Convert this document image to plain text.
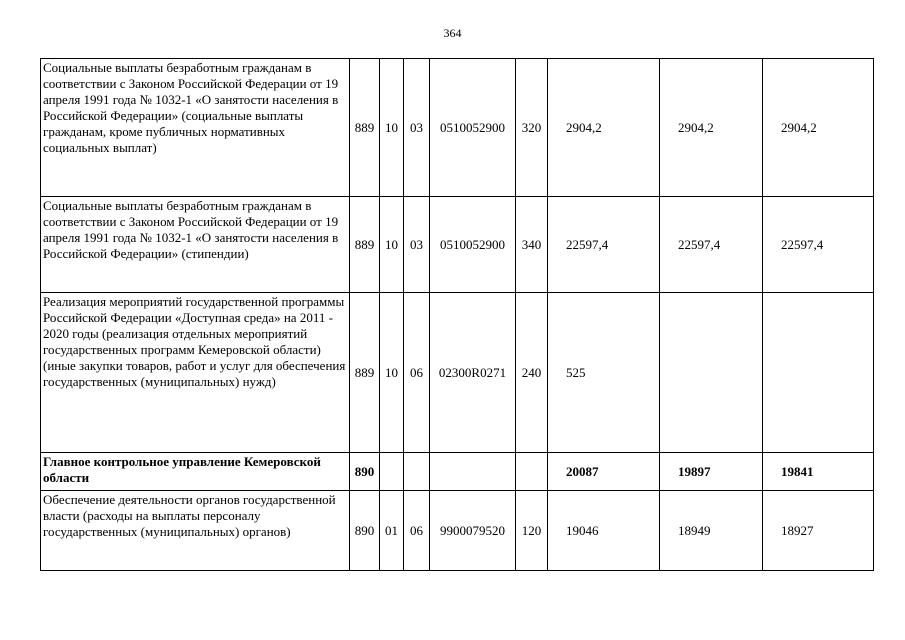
364
Социальные выплаты безработным гражданам в соответствии с Законом Российской Федерации от 19 апреля 1991 года № 1032-1 «О занятости населения в Российской Федерации» (социальные выплаты гражданам, кроме публичных нормативных социальных выплат)	889	10	03	0510052900	320	2904,2	2904,2	2904,2
Социальные выплаты безработным гражданам в соответствии с Законом Российской Федерации от 19 апреля 1991 года № 1032-1 «О занятости населения в Российской Федерации» (стипендии)	889	10	03	0510052900	340	22597,4	22597,4	22597,4
Реализация мероприятий государственной программы Российской Федерации «Доступная среда» на 2011 - 2020 годы (реализация отдельных мероприятий государственных программ Кемеровской области) (иные закупки товаров, работ и услуг для обеспечения государственных (муниципальных) нужд)	889	10	06	02300R0271	240	525		
Главное контрольное управление Кемеровской области	890					20087	19897	19841
Обеспечение деятельности органов государственной власти (расходы на выплаты персоналу государственных (муниципальных) органов)	890	01	06	9900079520	120	19046	18949	18927
